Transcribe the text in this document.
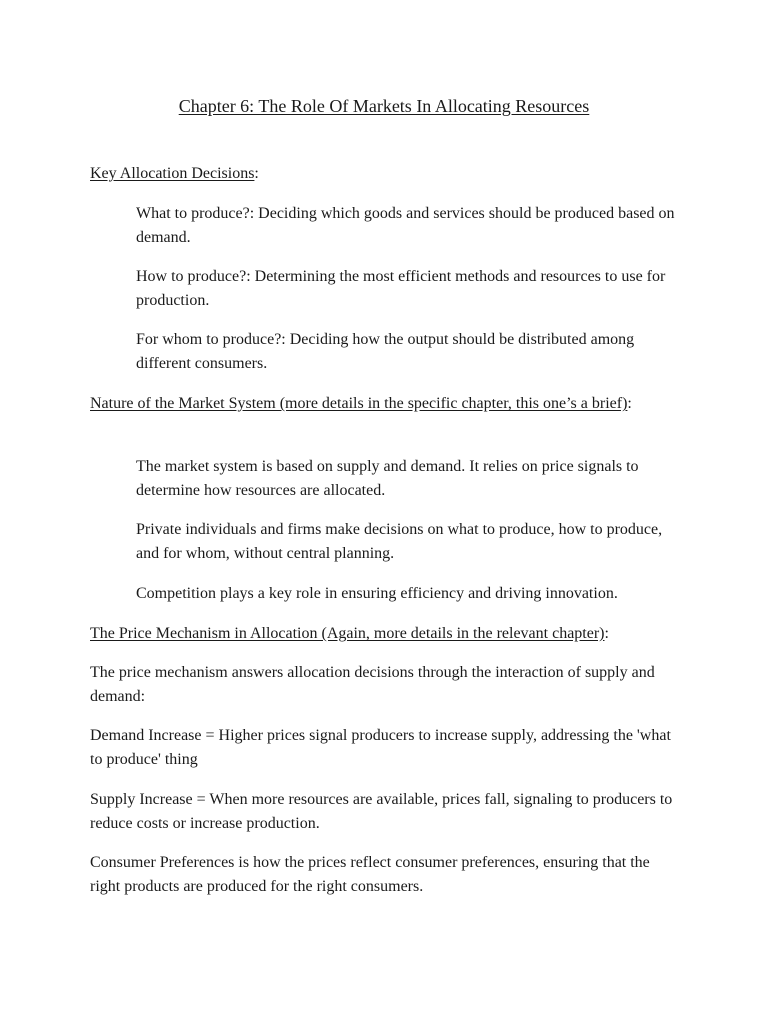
Chapter 6: The Role Of Markets In Allocating Resources

Key Allocation Decisions:

What to produce?: Deciding which goods and services should be produced based on demand.

How to produce?: Determining the most efficient methods and resources to use for production.

For whom to produce?: Deciding how the output should be distributed among different consumers.

Nature of the Market System (more details in the specific chapter, this one’s a brief):

The market system is based on supply and demand. It relies on price signals to determine how resources are allocated.

Private individuals and firms make decisions on what to produce, how to produce, and for whom, without central planning.

Competition plays a key role in ensuring efficiency and driving innovation.

The Price Mechanism in Allocation (Again, more details in the relevant chapter):

The price mechanism answers allocation decisions through the interaction of supply and demand:

Demand Increase = Higher prices signal producers to increase supply, addressing the 'what to produce' thing

Supply Increase = When more resources are available, prices fall, signaling to producers to reduce costs or increase production.

Consumer Preferences is how the prices reflect consumer preferences, ensuring that the right products are produced for the right consumers.
